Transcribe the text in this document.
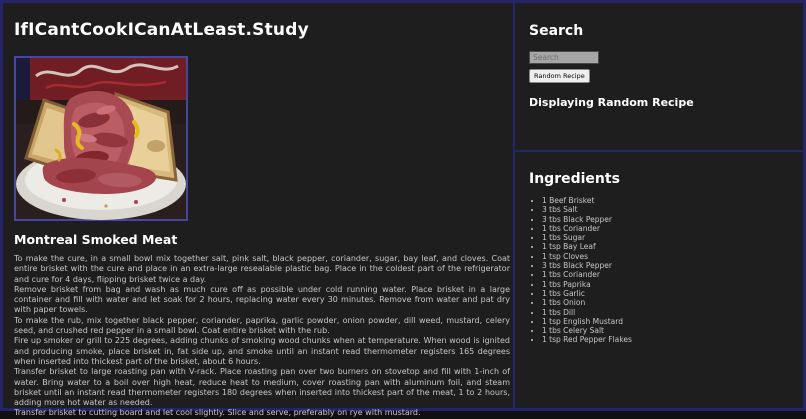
IfICantCookICanAtLeast.Study
Montreal Smoked Meat

To make the cure, in a small bowl mix together salt, pink salt, black pepper, coriander, sugar, bay leaf, and cloves. Coat entire brisket with the cure and place in an extra-large resealable plastic bag. Place in the coldest part of the refrigerator and cure for 4 days, flipping brisket twice a day.

Remove brisket from bag and wash as much cure off as possible under cold running water. Place brisket in a large container and fill with water and let soak for 2 hours, replacing water every 30 minutes. Remove from water and pat dry with paper towels.

To make the rub, mix together black pepper, coriander, paprika, garlic powder, onion powder, dill weed, mustard, celery seed, and crushed red pepper in a small bowl. Coat entire brisket with the rub.

Fire up smoker or grill to 225 degrees, adding chunks of smoking wood chunks when at temperature. When wood is ignited and producing smoke, place brisket in, fat side up, and smoke until an instant read thermometer registers 165 degrees when inserted into thickest part of the brisket, about 6 hours.

Transfer brisket to large roasting pan with V-rack. Place roasting pan over two burners on stovetop and fill with 1-inch of water. Bring water to a boil over high heat, reduce heat to medium, cover roasting pan with aluminum foil, and steam brisket until an instant read thermometer registers 180 degrees when inserted into thickest part of the meat, 1 to 2 hours, adding more hot water as needed.

Transfer brisket to cutting board and let cool slightly. Slice and serve, preferably on rye with mustard.

Search
Search
Random Recipe
Displaying Random Recipe
Ingredients
• 1 Beef Brisket
• 3 tbs Salt
• 3 tbs Black Pepper
• 1 tbs Coriander
• 1 tbs Sugar
• 1 tsp Bay Leaf
• 1 tsp Cloves
• 3 tbs Black Pepper
• 1 tbs Coriander
• 1 tbs Paprika
• 1 tbs Garlic
• 1 tbs Onion
• 1 tbs Dill
• 1 tsp English Mustard
• 1 tbs Celery Salt
• 1 tsp Red Pepper Flakes
